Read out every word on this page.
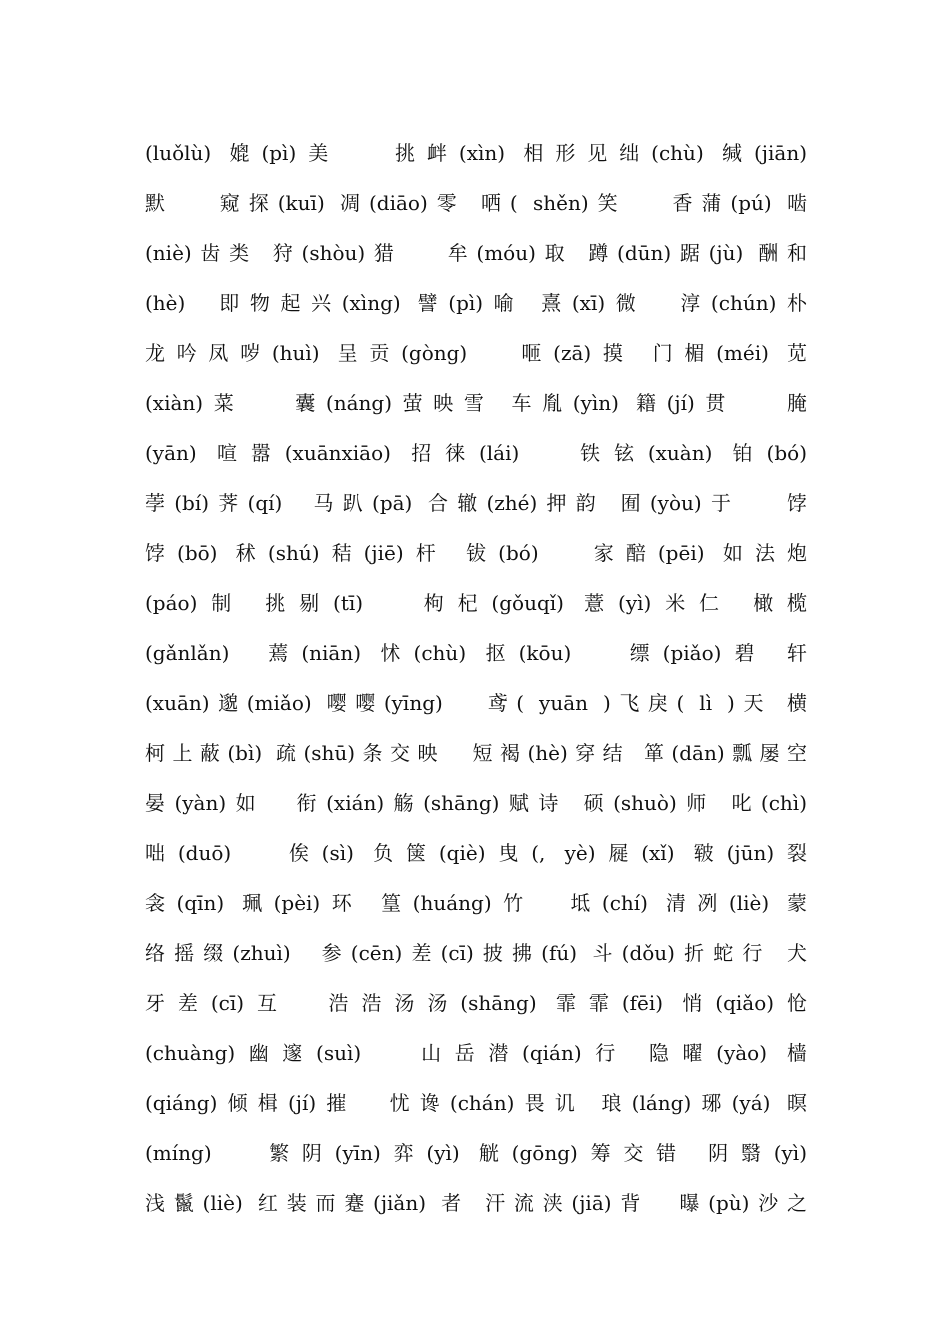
(luǒlù) 媲(pì)美   挑衅(xìn) 相形见绌(chù) 缄(jiān)
默   窥探(kuī) 凋(diāo)零 哂( shěn)笑   香蒲(pú) 啮
(niè)齿类 狩(shòu)猎   牟(móu)取 蹲(dūn)踞(jù) 酬和
(hè)  即物起兴(xìng) 譬(pì)喻 熹(xī)微  淳(chún)朴
龙吟凤哕(huì) 呈贡(gòng)   咂(zā)摸 门楣(méi) 苋
(xiàn)菜   囊(náng)萤映雪 车胤(yìn) 籍(jí)贯   腌
(yān) 喧嚣(xuānxiāo) 招徕(lái)   铁铉(xuàn) 铂(bó)
荸(bí)荠(qí)  马趴(pā) 合辙(zhé)押韵 囿(yòu)于   饽
饽(bō) 秫(shú)秸(jiē)杆 钹(bó)   家醅(pēi) 如法炮
(páo)制 挑剔(tī)   枸杞(gǒuqǐ) 薏(yì)米仁 橄榄
(gǎnlǎn)  蔫(niān) 怵(chù) 抠(kōu)   缥(piǎo)碧 轩
(xuān)邈(miǎo) 嘤嘤(yīng)   鸢( yuān )飞戾( lì )天 横
柯上蔽(bì) 疏(shū)条交映  短褐(hè)穿结 箪(dān)瓢屡空
晏(yàn)如  衔(xián)觞(shāng)赋诗 硕(shuò)师 叱(chì)
咄(duō)   俟(sì) 负箧(qiè)曳(, yè)屣(xǐ) 皲(jūn)裂
衾(qīn) 珮(pèi)环 篁(huáng)竹  坻(chí) 清冽(liè) 蒙
络摇缀(zhuì)  参(cēn)差(cī)披拂(fú) 斗(dǒu)折蛇行 犬
牙差(cī)互  浩浩汤汤(shāng) 霏霏(fēi) 悄(qiǎo)怆
(chuàng)幽邃(suì)   山岳潜(qián)行 隐曜(yào) 樯
(qiáng)倾楫(jí)摧  忧谗(chán)畏讥 琅(láng)琊(yá) 暝
(míng)   繁阴(yīn)弈(yì) 觥(gōng)筹交错 阴翳(yì)
浅鬣(liè) 红装而蹇(jiǎn) 者 汗流浃(jiā)背  曝(pù)沙之
